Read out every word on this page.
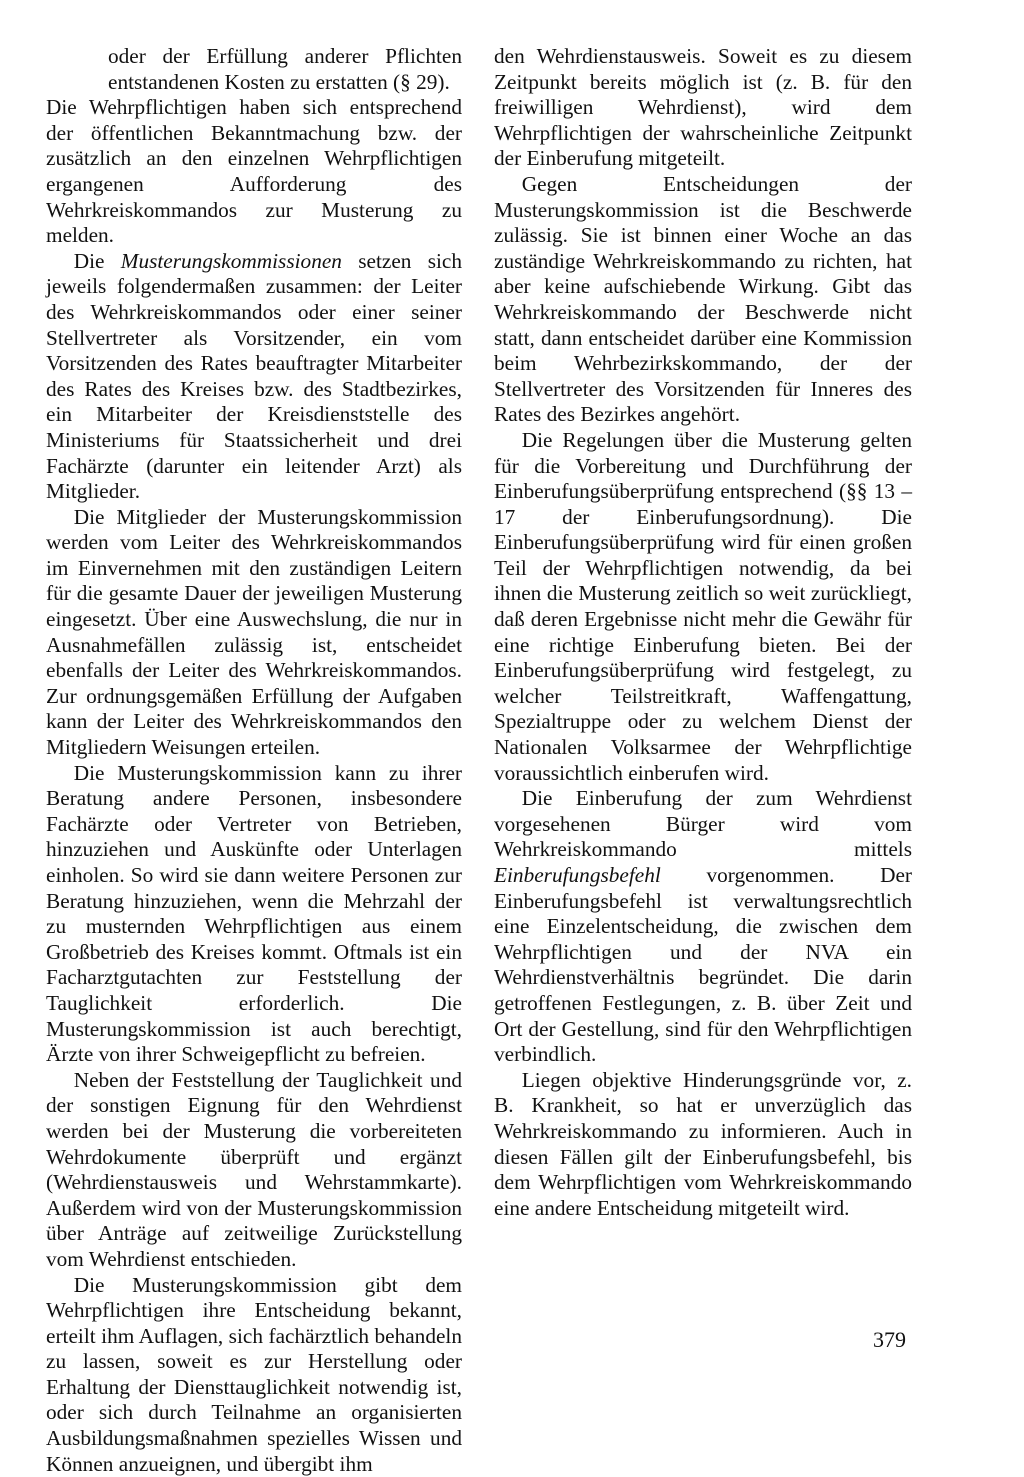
oder der Erfüllung anderer Pflichten entstandenen Kosten zu erstatten (§ 29).

Die Wehrpflichtigen haben sich entsprechend der öffentlichen Bekanntmachung bzw. der zusätzlich an den einzelnen Wehrpflichtigen ergangenen Aufforderung des Wehrkreiskommandos zur Musterung zu melden.

Die Musterungskommissionen setzen sich jeweils folgendermaßen zusammen: der Leiter des Wehrkreiskommandos oder einer seiner Stellvertreter als Vorsitzender, ein vom Vorsitzenden des Rates beauftragter Mitarbeiter des Rates des Kreises bzw. des Stadtbezirkes, ein Mitarbeiter der Kreisdienststelle des Ministeriums für Staatssicherheit und drei Fachärzte (darunter ein leitender Arzt) als Mitglieder.

Die Mitglieder der Musterungskommission werden vom Leiter des Wehrkreiskommandos im Einvernehmen mit den zuständigen Leitern für die gesamte Dauer der jeweiligen Musterung eingesetzt. Über eine Auswechslung, die nur in Ausnahmefällen zulässig ist, entscheidet ebenfalls der Leiter des Wehrkreiskommandos. Zur ordnungsgemäßen Erfüllung der Aufgaben kann der Leiter des Wehrkreiskommandos den Mitgliedern Weisungen erteilen.

Die Musterungskommission kann zu ihrer Beratung andere Personen, insbesondere Fachärzte oder Vertreter von Betrieben, hinzuziehen und Auskünfte oder Unterlagen einholen. So wird sie dann weitere Personen zur Beratung hinzuziehen, wenn die Mehrzahl der zu musternden Wehrpflichtigen aus einem Großbetrieb des Kreises kommt. Oftmals ist ein Facharztgutachten zur Feststellung der Tauglichkeit erforderlich. Die Musterungskommission ist auch berechtigt, Ärzte von ihrer Schweigepflicht zu befreien.

Neben der Feststellung der Tauglichkeit und der sonstigen Eignung für den Wehrdienst werden bei der Musterung die vorbereiteten Wehrdokumente überprüft und ergänzt (Wehrdienstausweis und Wehrstammkarte). Außerdem wird von der Musterungskommission über Anträge auf zeitweilige Zurückstellung vom Wehrdienst entschieden.

Die Musterungskommission gibt dem Wehrpflichtigen ihre Entscheidung bekannt, erteilt ihm Auflagen, sich fachärztlich behandeln zu lassen, soweit es zur Herstellung oder Erhaltung der Diensttauglichkeit notwendig ist, oder sich durch Teilnahme an organisierten Ausbildungsmaßnahmen spezielles Wissen und Können anzueignen, und übergibt ihm

den Wehrdienstausweis. Soweit es zu diesem Zeitpunkt bereits möglich ist (z. B. für den freiwilligen Wehrdienst), wird dem Wehrpflichtigen der wahrscheinliche Zeitpunkt der Einberufung mitgeteilt.

Gegen Entscheidungen der Musterungskommission ist die Beschwerde zulässig. Sie ist binnen einer Woche an das zuständige Wehrkreiskommando zu richten, hat aber keine aufschiebende Wirkung. Gibt das Wehrkreiskommando der Beschwerde nicht statt, dann entscheidet darüber eine Kommission beim Wehrbezirkskommando, der der Stellvertreter des Vorsitzenden für Inneres des Rates des Bezirkes angehört.

Die Regelungen über die Musterung gelten für die Vorbereitung und Durchführung der Einberufungsüberprüfung entsprechend (§§ 13 – 17 der Einberufungsordnung). Die Einberufungsüberprüfung wird für einen großen Teil der Wehrpflichtigen notwendig, da bei ihnen die Musterung zeitlich so weit zurückliegt, daß deren Ergebnisse nicht mehr die Gewähr für eine richtige Einberufung bieten. Bei der Einberufungsüberprüfung wird festgelegt, zu welcher Teilstreitkraft, Waffengattung, Spezialtruppe oder zu welchem Dienst der Nationalen Volksarmee der Wehrpflichtige voraussichtlich einberufen wird.

Die Einberufung der zum Wehrdienst vorgesehenen Bürger wird vom Wehrkreiskommando mittels Einberufungsbefehl vorgenommen. Der Einberufungsbefehl ist verwaltungsrechtlich eine Einzelentscheidung, die zwischen dem Wehrpflichtigen und der NVA ein Wehrdienstverhältnis begründet. Die darin getroffenen Festlegungen, z. B. über Zeit und Ort der Gestellung, sind für den Wehrpflichtigen verbindlich.

Liegen objektive Hinderungsgründe vor, z. B. Krankheit, so hat er unverzüglich das Wehrkreiskommando zu informieren. Auch in diesen Fällen gilt der Einberufungsbefehl, bis dem Wehrpflichtigen vom Wehrkreiskommando eine andere Entscheidung mitgeteilt wird.

379
